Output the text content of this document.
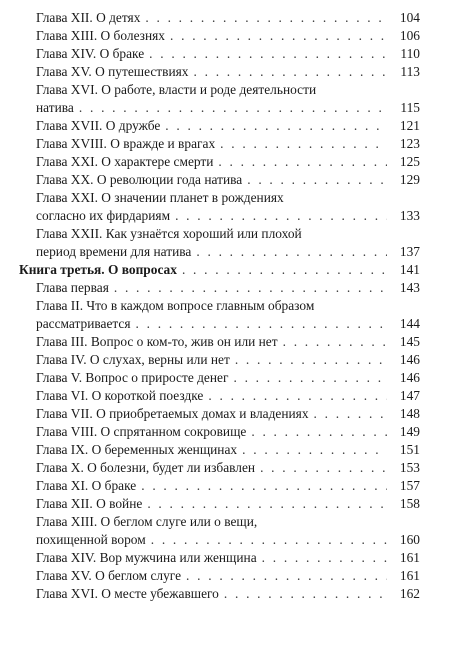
Глава XII. О детях . . .	104
Глава XIII. О болезнях . . .	106
Глава XIV. О браке . . .	110
Глава XV. О путешествиях . . .	113
Глава XVI. О работе, власти и роде деятельности
натива . . .	115
Глава XVII. О дружбе . . .	121
Глава XVIII. О вражде и врагах . . .	123
Глава XXI. О характере смерти . . .	125
Глава XX. О революции года натива . . .	129
Глава XXI. О значении планет в рождениях
согласно их фирдариям . . .	133
Глава XXII. Как узнаётся хороший или плохой
период времени для натива . . .	137
Книга третья. О вопросах . . .	141
Глава первая . . .	143
Глава II. Что в каждом вопросе главным образом
рассматривается . . .	144
Глава III. Вопрос о ком-то, жив он или нет . . .	145
Глава IV. О слухах, верны или нет . . .	146
Глава V. Вопрос о приросте денег . . .	146
Глава VI. О короткой поездке . . .	147
Глава VII. О приобретаемых домах и владениях . . .	148
Глава VIII. О спрятанном сокровище . . .	149
Глава IX. О беременных женщинах . . .	151
Глава X. О болезни, будет ли избавлен . . .	153
Глава XI. О браке . . .	157
Глава XII. О войне . . .	158
Глава XIII. О беглом слуге или о вещи,
похищенной вором . . .	160
Глава XIV. Вор мужчина или женщина . . .	161
Глава XV. О беглом слуге . . .	161
Глава XVI. О месте убежавшего . . .	162
